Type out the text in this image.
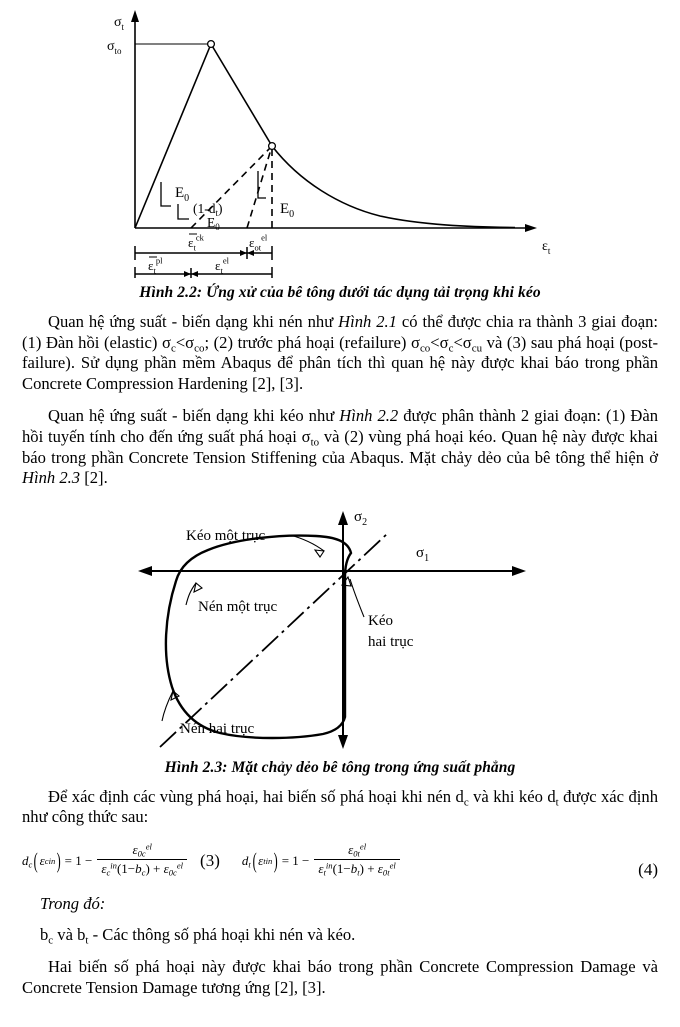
$\sigma_t$
$\sigma_{to}$
$\varepsilon_t$
$E_0$
$(1-d_t)$
$E_0$
$E_0$
$\varepsilon_t^{ck}$	$\varepsilon_{ot}^{el}$
$\varepsilon_t^{pl}$	$\varepsilon_t^{el}$
Hình 2.2: Ứng xử của bê tông dưới tác dụng tải trọng khi kéo

Quan hệ ứng suất - biến dạng khi nén như Hình 2.1 có thể được chia ra thành 3 giai đoạn: (1) Đàn hồi (elastic) $\sigma_c<\sigma_{co}$; (2) trước phá hoại (refailure) $\sigma_{co}<\sigma_c<\sigma_{cu}$ và (3) sau phá hoại (post-failure). Sử dụng phần mềm Abaqus để phân tích thì quan hệ này được khai báo trong phần Concrete Compression Hardening [2], [3].

Quan hệ ứng suất - biến dạng khi kéo như Hình 2.2 được phân thành 2 giai đoạn: (1) Đàn hồi tuyến tính cho đến ứng suất phá hoại $\sigma_{to}$ và (2) vùng phá hoại kéo. Quan hệ này được khai báo trong phần Concrete Tension Stiffening của Abaqus. Mặt chảy dẻo của bê tông thể hiện ở Hình 2.3 [2].

$\sigma_2$
$\sigma_1$
Kéo một trục
Nén một trục
Kéo
hai trục
Nén hai trục
Hình 2.3: Mặt chảy dẻo bê tông trong ứng suất phẳng

Để xác định các vùng phá hoại, hai biến số phá hoại khi nén $d_c$ và khi kéo $d_t$ được xác định như công thức sau:

$d_c$ ( ε c in ) = $1 - \frac{\varepsilon_{0c}^{el}}{\varepsilon_c^{in}(1-b_c) + \varepsilon_{0c}^{el}} (3)$ $d_t$ ( ε t in ) = $1 - \frac{\varepsilon_{0t}^{el}}{\varepsilon_t^{in}(1-b_t) + \varepsilon_{0t}^{el}}$	(4)

Trong đó:

$b_c$ và $b_t$ - Các thông số phá hoại khi nén và kéo.

Hai biến số phá hoại này được khai báo trong phần Concrete Compression Damage và Concrete Tension Damage tương ứng [2], [3].
